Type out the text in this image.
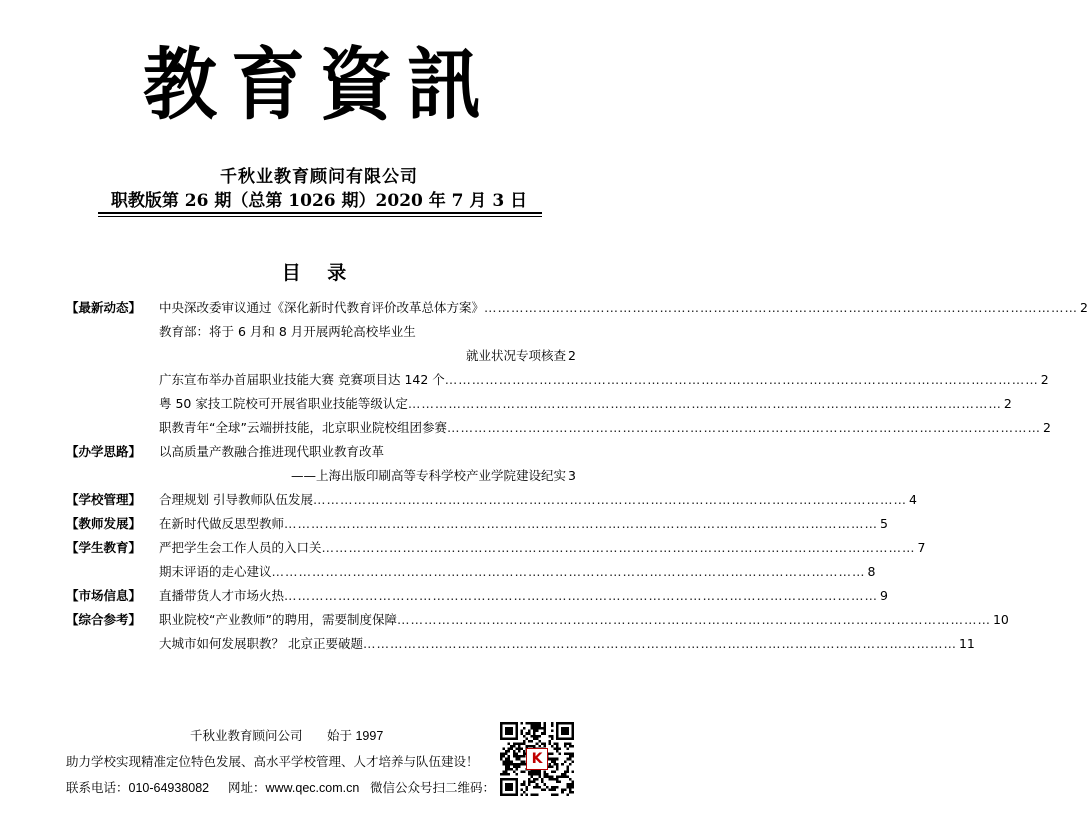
教育資訊
千秋业教育顾问有限公司
职教版第 26 期（总第 1026 期）2020 年 7 月 3 日
目 录
【最新动态】	中央深改委审议通过《深化新时代教育评价改革总体方案》 ……………………………………………………………………………………………………………………	2
教育部：将于 6 月和 8 月开展两轮高校毕业生
就业状况专项核查 2
广东宣布举办首届职业技能大赛 竞赛项目达 142 个 ……………………………………………………………………………………………………………………	2
粤 50 家技工院校可开展省职业技能等级认定 ……………………………………………………………………………………………………………………	2
职教青年“全球”云端拼技能，北京职业院校组团参赛 ……………………………………………………………………………………………………………………	2
【办学思路】	以高质量产教融合推进现代职业教育改革
——上海出版印刷高等专科学校产业学院建设纪实 3
【学校管理】	合理规划 引导教师队伍发展 ……………………………………………………………………………………………………………………	4
【教师发展】	在新时代做反思型教师 ……………………………………………………………………………………………………………………	5
【学生教育】	严把学生会工作人员的入口关 ……………………………………………………………………………………………………………………	7
期末评语的走心建议 ……………………………………………………………………………………………………………………	8
【市场信息】	直播带货人才市场火热 ……………………………………………………………………………………………………………………	9
【综合参考】	职业院校“产业教师”的聘用，需要制度保障 ……………………………………………………………………………………………………………………	10
大城市如何发展职教？ 北京正要破题 ……………………………………………………………………………………………………………………	11
千秋业教育顾问公司 始于 1997
助力学校实现精准定位特色发展、高水平学校管理、人才培养与队伍建设！
联系电话：010-64938082 网址：www.qec.com.cn 微信公众号扫二维码：
K
